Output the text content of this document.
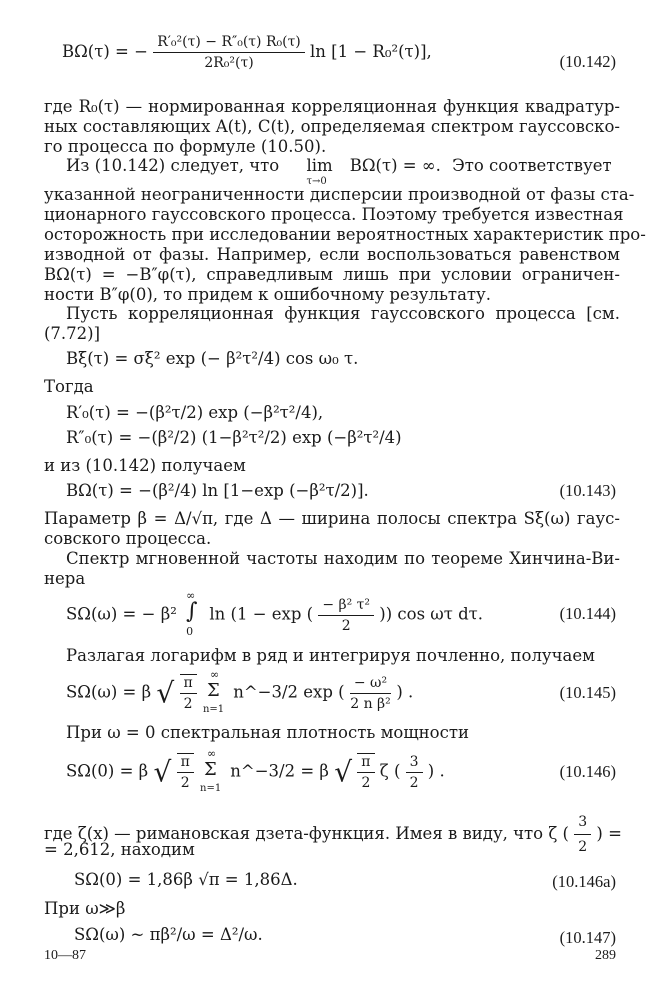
BΩ(τ) = − $\frac{\text{R′₀²(τ) − R″₀(τ) R₀(τ)}}{\text{2R₀²(τ)}}$ ln [1 − R₀²(τ)],
(10.142)
где R₀(τ) — нормированная корреляционная функция квадратур-
ных составляющих A(t), C(t), определяемая спектром гауссовско-
го процесса по формуле (10.50).
Из (10.142) следует, что lim
τ→0
BΩ(τ) = ∞. Это соответствует
указанной неограниченности дисперсии производной от фазы ста-
ционарного гауссовского процесса. Поэтому требуется известная
осторожность при исследовании вероятностных характеристик про-
изводной от фазы. Например, если воспользоваться равенством
BΩ(τ) = −B″φ(τ), справедливым лишь при условии ограничен-
ности B″φ(0), то придем к ошибочному результату.
Пусть корреляционная функция гауссовского процесса [см.
(7.72)]
Bξ(τ) = σξ² exp (− β²τ²/4) cos ω₀ τ.
Тогда
R′₀(τ) = −(β²τ/2) exp (−β²τ²/4),
R″₀(τ) = −(β²/2) (1−β²τ²/2) exp (−β²τ²/4)
и из (10.142) получаем
BΩ(τ) = −(β²/4) ln [1−exp (−β²τ/2)].	(10.143)
Параметр β = Δ/√π, где Δ — ширина полосы спектра Sξ(ω) гаус-
совского процесса.
Спектр мгновенной частоты находим по теореме Хинчина-Ви-
нера
SΩ(ω) = − β²
∞
∫
0
ln (1 − exp ( $\frac{\text{− β² τ²}}{2}$ )) cos ωτ dτ.	(10.144)
Разлагая логарифм в ряд и интегрируя почленно, получаем
SΩ(ω) = β √ $\frac{\pi}{2}$
∞
Σ
n=1
n^−3/2 exp ( $\frac{\text{− ω²}}{\text{2 n β²}}$ ) .	(10.145)
При ω = 0 спектральная плотность мощности
SΩ(0) = β √ $\frac{\pi}{2}$
∞
Σ
n=1
n^−3/2 = β √ $\frac{\pi}{2}$ ζ ( $\frac{3}{2}$ ) .	(10.146)
где ζ(x) — римановская дзета-функция. Имея в виду, что ζ ( $\frac{3}{2}$ ) =
= 2,612, находим
SΩ(0) = 1,86β √π = 1,86Δ.	(10.146a)
При ω≫β
SΩ(ω) ~ πβ²/ω = Δ²/ω.	(10.147)
10—87	289
